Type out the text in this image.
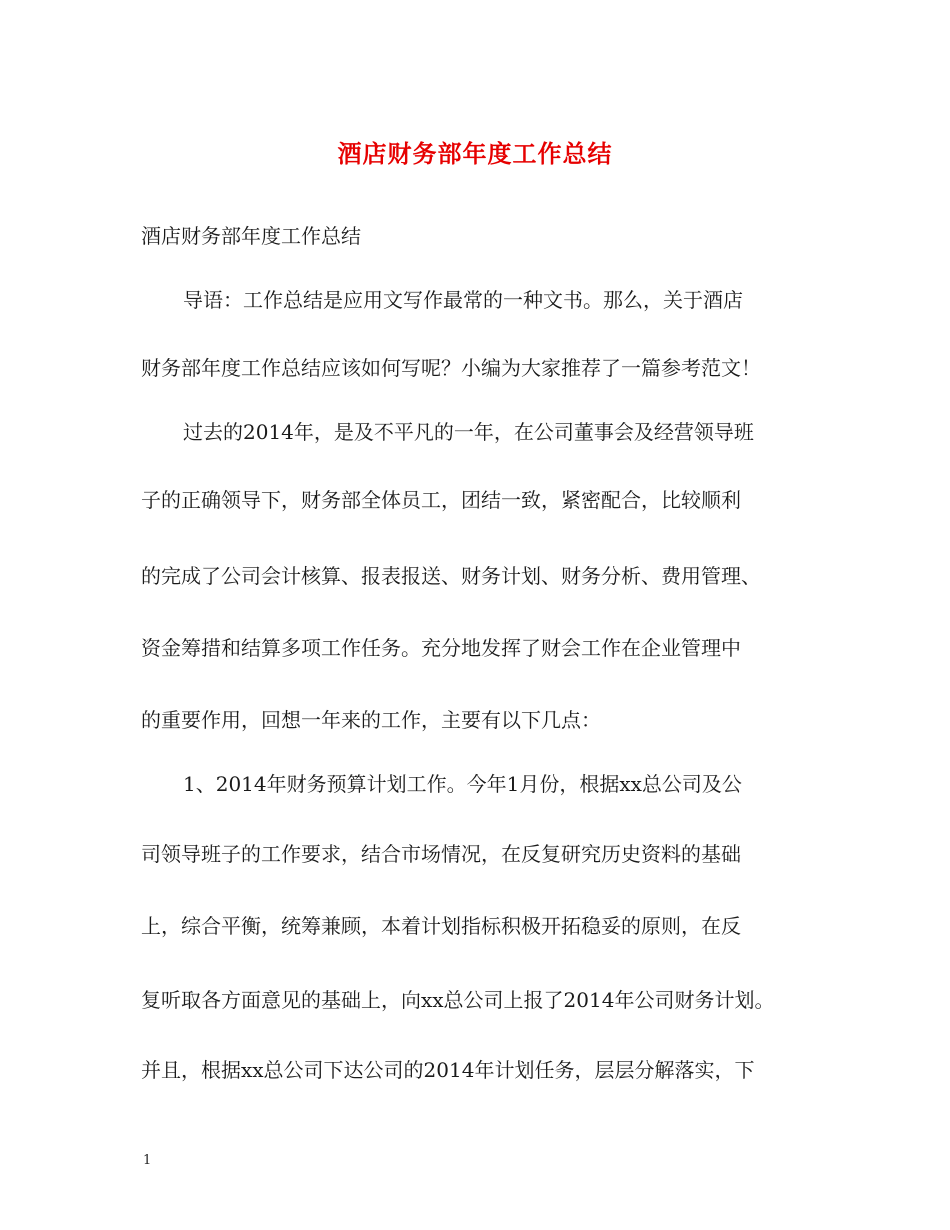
酒店财务部年度工作总结
酒店财务部年度工作总结
导语：工作总结是应用文写作最常的一种文书。那么，关于酒店
财务部年度工作总结应该如何写呢？小编为大家推荐了一篇参考范文！
过去的2014年，是及不平凡的一年，在公司董事会及经营领导班
子的正确领导下，财务部全体员工，团结一致，紧密配合，比较顺利
的完成了公司会计核算、报表报送、财务计划、财务分析、费用管理、
资金筹措和结算多项工作任务。充分地发挥了财会工作在企业管理中
的重要作用，回想一年来的工作，主要有以下几点：
1、2014年财务预算计划工作。今年1月份，根据xx总公司及公
司领导班子的工作要求，结合市场情况，在反复研究历史资料的基础
上，综合平衡，统筹兼顾，本着计划指标积极开拓稳妥的原则，在反
复听取各方面意见的基础上，向xx总公司上报了2014年公司财务计划。
并且，根据xx总公司下达公司的2014年计划任务，层层分解落实，下
1
